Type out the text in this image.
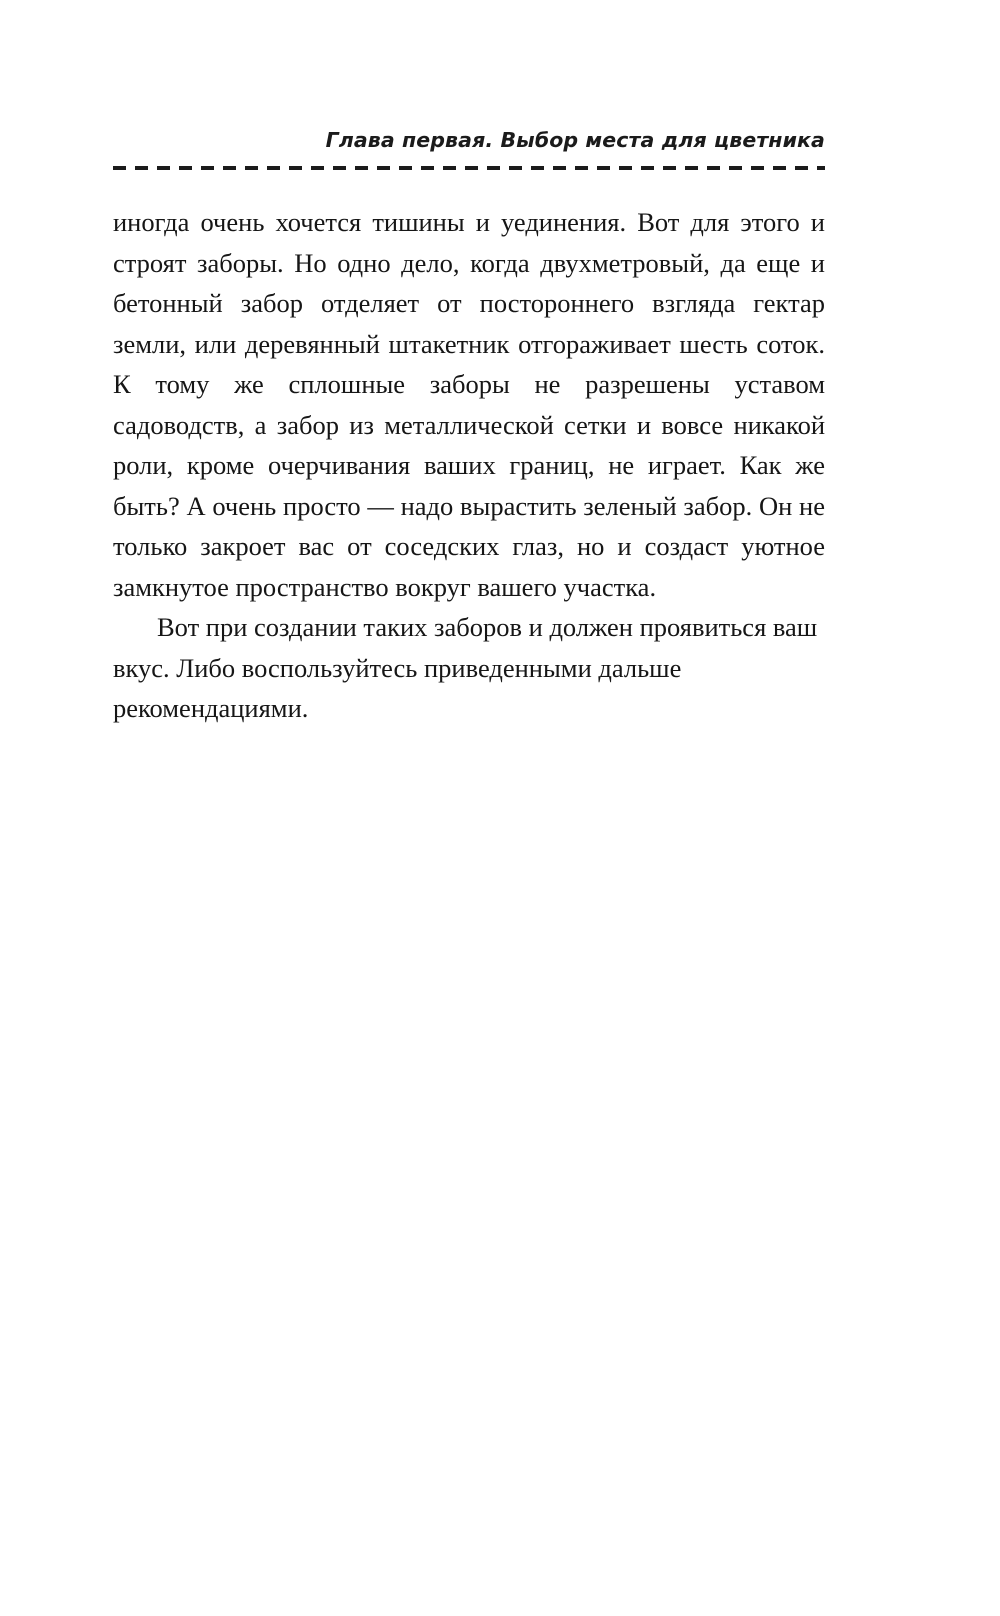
Глава первая. Выбор места для цветника

иногда очень хочется тишины и уединения. Вот для этого и строят заборы. Но одно дело, когда двухметровый, да еще и бетонный забор отделяет от постороннего взгляда гектар земли, или деревянный штакетник отгораживает шесть соток. К тому же сплошные заборы не разрешены уставом садоводств, а забор из металлической сетки и вовсе никакой роли, кроме очерчивания ваших границ, не играет. Как же быть? А очень просто — надо вырастить зеленый забор. Он не только закроет вас от соседских глаз, но и создаст уютное замкнутое пространство вокруг вашего участка.

Вот при создании таких заборов и должен проявиться ваш вкус. Либо воспользуйтесь приведенными дальше рекомендациями.
